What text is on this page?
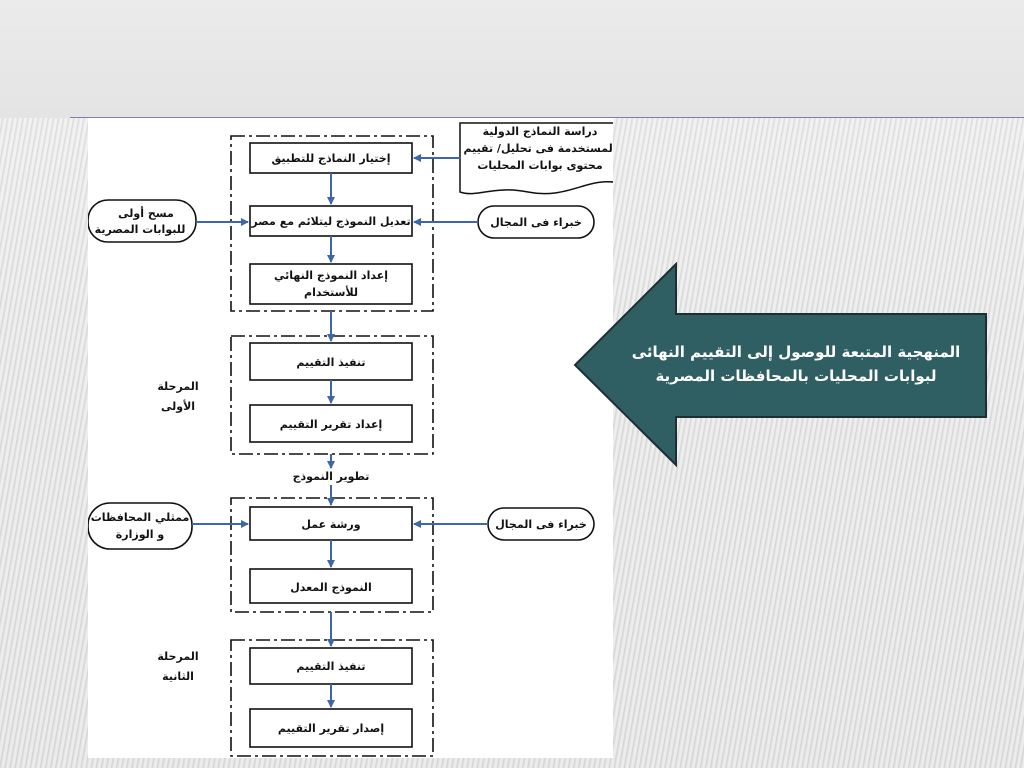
دراسة النماذج الدولية
المستخدمة فى تحليل/ تقييم
محتوى بوابات المحليات
إختيار النماذج للتطبيق
تعديل النموذج ليتلائم مع مصر
إعداد النموذج النهائي
للأستخدام
تنفيذ التقييم
إعداد تقرير التقييم
ورشة عمل
النموذج المعدل
تنفيذ التقييم
إصدار تقرير التقييم
خبراء فى المجال
مسح أولى
للبوابات المصرية
خبراء فى المجال
ممثلي المحافظات
و الوزارة
المرحلة
الأولى
تطوير النموذج
المرحلة
الثانية
المنهجية المتبعة للوصول إلى التقييم النهائى
لبوابات المحليات بالمحافظات المصرية
